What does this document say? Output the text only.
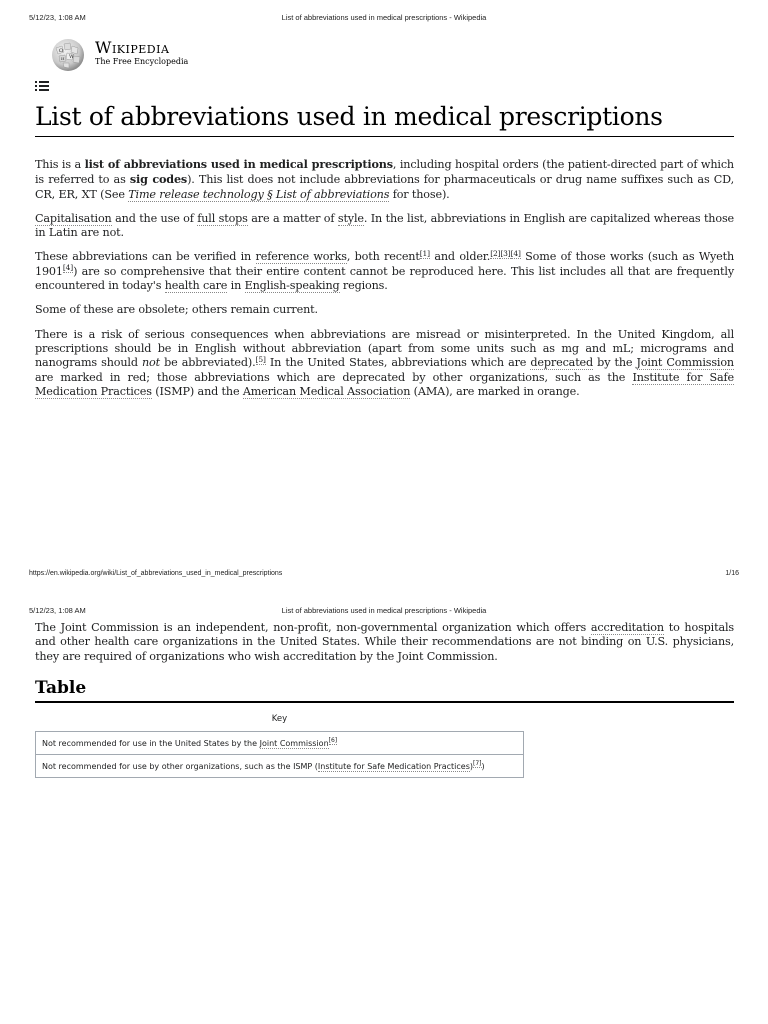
5/12/23, 1:08 AM	List of abbreviations used in medical prescriptions - Wikipedia
Ω
W
И
Wikipedia
The Free Encyclopedia
List of abbreviations used in medical prescriptions

This is a list of abbreviations used in medical prescriptions, including hospital orders (the patient-directed part of which is referred to as sig codes). This list does not include abbreviations for pharmaceuticals or drug name suffixes such as CD, CR, ER, XT (See Time release technology § List of abbreviations for those).

Capitalisation and the use of full stops are a matter of style. In the list, abbreviations in English are capitalized whereas those in Latin are not.

These abbreviations can be verified in reference works, both recent[1] and older.[2][3][4] Some of those works (such as Wyeth 1901[4]) are so comprehensive that their entire content cannot be reproduced here. This list includes all that are frequently encountered in today's health care in English-speaking regions.

Some of these are obsolete; others remain current.

There is a risk of serious consequences when abbreviations are misread or misinterpreted. In the United Kingdom, all prescriptions should be in English without abbreviation (apart from some units such as mg and mL; micrograms and nanograms should not be abbreviated).[5] In the United States, abbreviations which are deprecated by the Joint Commission are marked in red; those abbreviations which are deprecated by other organizations, such as the Institute for Safe Medication Practices (ISMP) and the American Medical Association (AMA), are marked in orange.

https://en.wikipedia.org/wiki/List_of_abbreviations_used_in_medical_prescriptions	1/16
5/12/23, 1:08 AM	List of abbreviations used in medical prescriptions - Wikipedia

The Joint Commission is an independent, non-profit, non-governmental organization which offers accreditation to hospitals and other health care organizations in the United States. While their recommendations are not binding on U.S. physicians, they are required of organizations who wish accreditation by the Joint Commission.

Table
Key
Not recommended for use in the United States by the Joint Commission[6]
Not recommended for use by other organizations, such as the ISMP (Institute for Safe Medication Practices)[7])
